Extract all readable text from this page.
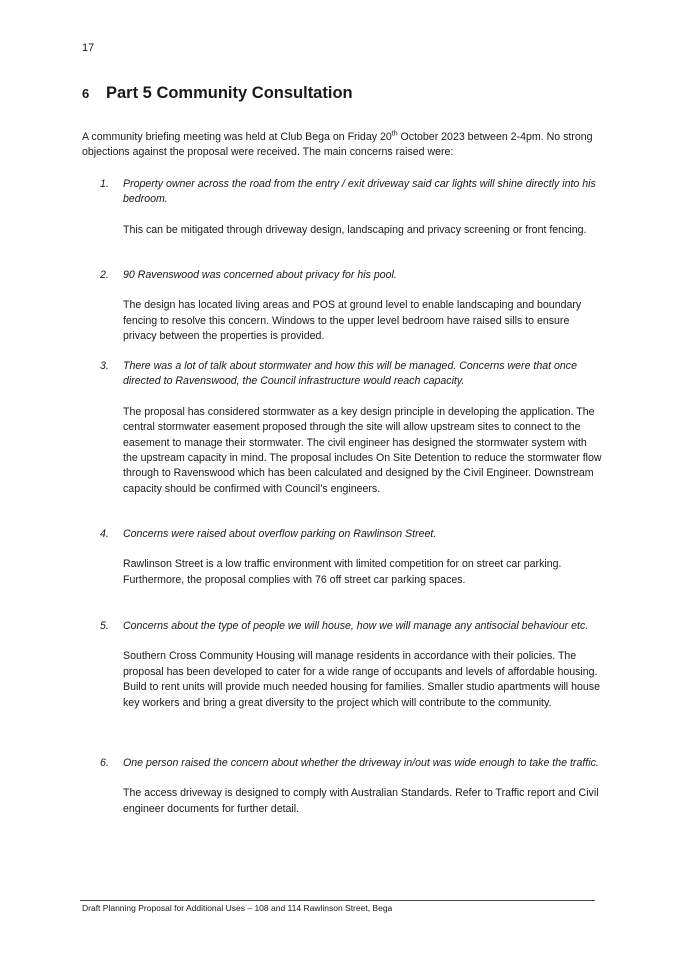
17
6 Part 5 Community Consultation

A community briefing meeting was held at Club Bega on Friday 20th October 2023 between 2-4pm. No strong objections against the proposal were received. The main concerns raised were:

1. Property owner across the road from the entry / exit driveway said car lights will shine directly into his bedroom.
This can be mitigated through driveway design, landscaping and privacy screening or front fencing.
2. 90 Ravenswood was concerned about privacy for his pool.
The design has located living areas and POS at ground level to enable landscaping and boundary fencing to resolve this concern. Windows to the upper level bedroom have raised sills to ensure privacy between the properties is provided.
3. There was a lot of talk about stormwater and how this will be managed. Concerns were that once directed to Ravenswood, the Council infrastructure would reach capacity.
The proposal has considered stormwater as a key design principle in developing the application. The central stormwater easement proposed through the site will allow upstream sites to connect to the easement to manage their stormwater. The civil engineer has designed the stormwater system with the upstream capacity in mind. The proposal includes On Site Detention to reduce the stormwater flow through to Ravenswood which has been calculated and designed by the Civil Engineer. Downstream capacity should be confirmed with Council’s engineers.
4. Concerns were raised about overflow parking on Rawlinson Street.
Rawlinson Street is a low traffic environment with limited competition for on street car parking. Furthermore, the proposal complies with 76 off street car parking spaces.
5. Concerns about the type of people we will house, how we will manage any antisocial behaviour etc.
Southern Cross Community Housing will manage residents in accordance with their policies. The proposal has been developed to cater for a wide range of occupants and levels of affordable housing. Build to rent units will provide much needed housing for families. Smaller studio apartments will house key workers and bring a great diversity to the project which will contribute to the community.
6. One person raised the concern about whether the driveway in/out was wide enough to take the traffic.
The access driveway is designed to comply with Australian Standards. Refer to Traffic report and Civil engineer documents for further detail.
Draft Planning Proposal for Additional Uses – 108 and 114 Rawlinson Street, Bega
